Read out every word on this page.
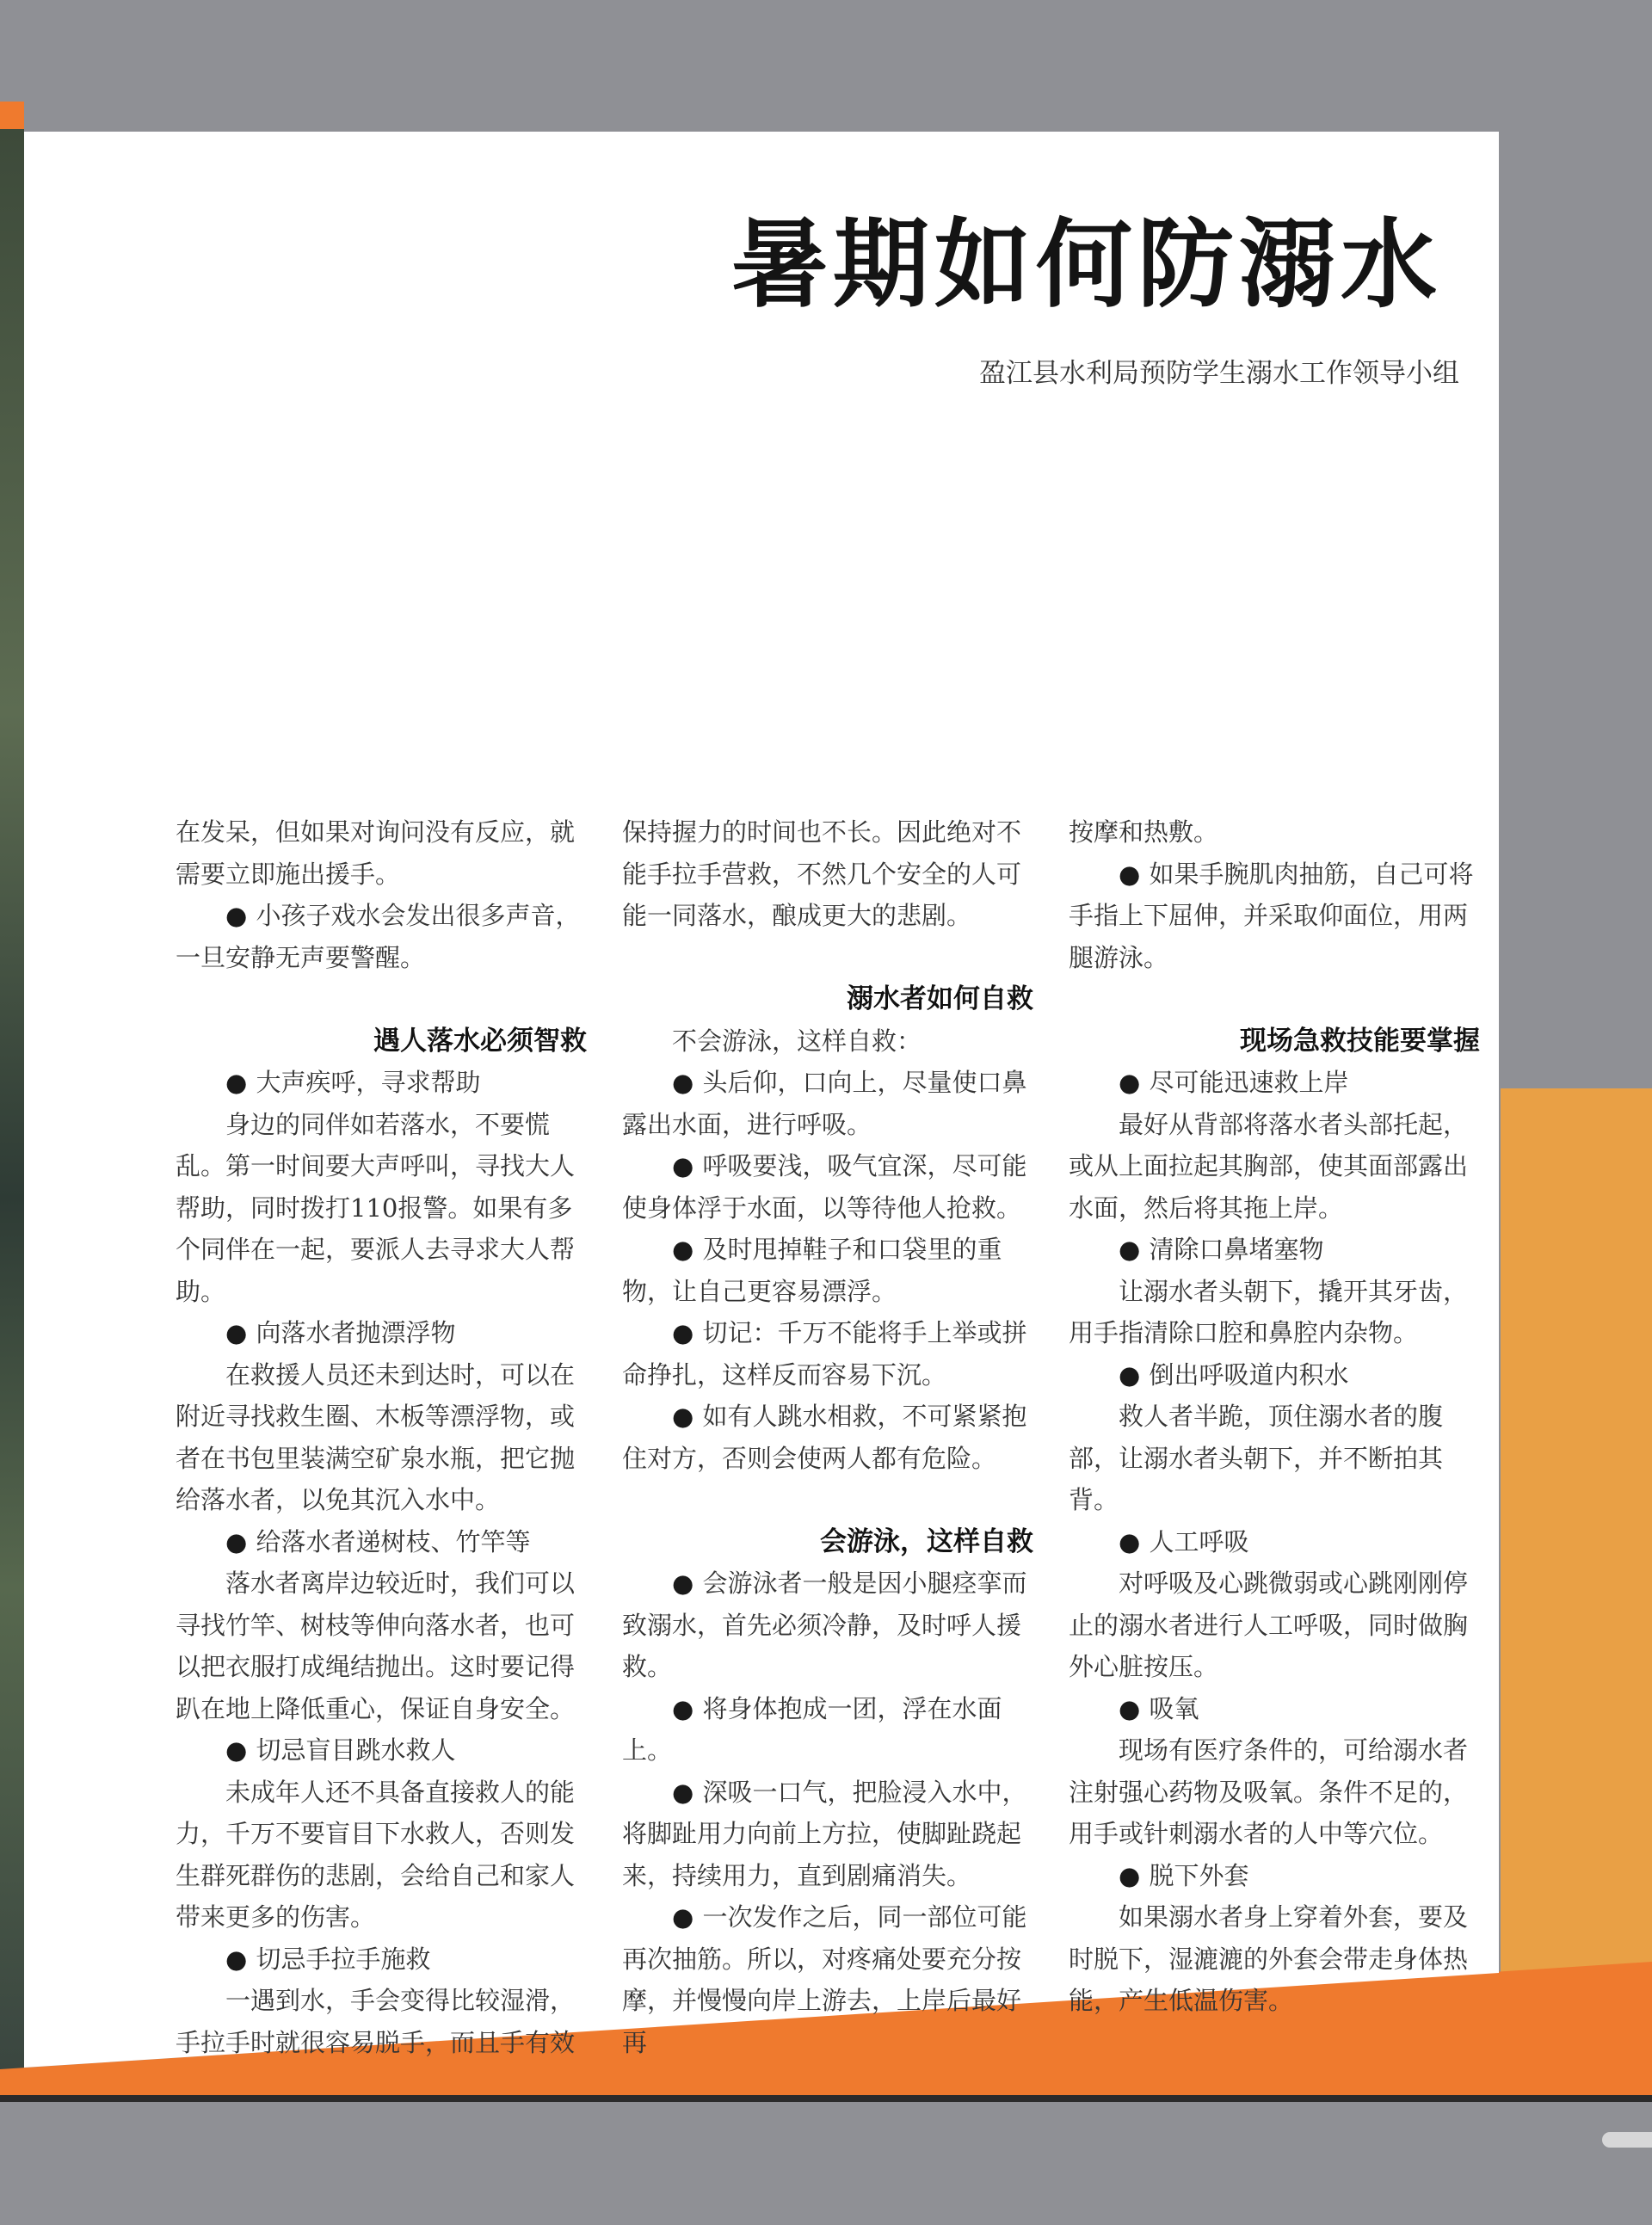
暑期如何防溺水

盈江县水利局预防学生溺水工作领导小组

在发呆，但如果对询问没有反应，就需要立即施出援手。

● 小孩子戏水会发出很多声音，一旦安静无声要警醒。

遇人落水必须智救

● 大声疾呼，寻求帮助

身边的同伴如若落水，不要慌乱。第一时间要大声呼叫，寻找大人帮助，同时拨打110报警。如果有多个同伴在一起，要派人去寻求大人帮助。

● 向落水者抛漂浮物

在救援人员还未到达时，可以在附近寻找救生圈、木板等漂浮物，或者在书包里装满空矿泉水瓶，把它抛给落水者，以免其沉入水中。

● 给落水者递树枝、竹竿等

落水者离岸边较近时，我们可以寻找竹竿、树枝等伸向落水者，也可以把衣服打成绳结抛出。这时要记得趴在地上降低重心，保证自身安全。

● 切忌盲目跳水救人

未成年人还不具备直接救人的能力，千万不要盲目下水救人，否则发生群死群伤的悲剧，会给自己和家人带来更多的伤害。

● 切忌手拉手施救

一遇到水，手会变得比较湿滑，手拉手时就很容易脱手，而且手有效

保持握力的时间也不长。因此绝对不能手拉手营救，不然几个安全的人可能一同落水，酿成更大的悲剧。

溺水者如何自救

不会游泳，这样自救：

● 头后仰，口向上，尽量使口鼻露出水面，进行呼吸。

● 呼吸要浅，吸气宜深，尽可能使身体浮于水面，以等待他人抢救。

● 及时甩掉鞋子和口袋里的重物，让自己更容易漂浮。

● 切记：千万不能将手上举或拼命挣扎，这样反而容易下沉。

● 如有人跳水相救，不可紧紧抱住对方，否则会使两人都有危险。

会游泳，这样自救

● 会游泳者一般是因小腿痉挛而致溺水，首先必须冷静，及时呼人援救。

● 将身体抱成一团，浮在水面上。

● 深吸一口气，把脸浸入水中，将脚趾用力向前上方拉，使脚趾跷起来，持续用力，直到剧痛消失。

● 一次发作之后，同一部位可能再次抽筋。所以，对疼痛处要充分按摩，并慢慢向岸上游去，上岸后最好再

按摩和热敷。

● 如果手腕肌肉抽筋，自己可将手指上下屈伸，并采取仰面位，用两腿游泳。

现场急救技能要掌握

● 尽可能迅速救上岸

最好从背部将落水者头部托起，或从上面拉起其胸部，使其面部露出水面，然后将其拖上岸。

● 清除口鼻堵塞物

让溺水者头朝下，撬开其牙齿，用手指清除口腔和鼻腔内杂物。

● 倒出呼吸道内积水

救人者半跪，顶住溺水者的腹部，让溺水者头朝下，并不断拍其背。

● 人工呼吸

对呼吸及心跳微弱或心跳刚刚停止的溺水者进行人工呼吸，同时做胸外心脏按压。

● 吸氧

现场有医疗条件的，可给溺水者注射强心药物及吸氧。条件不足的，用手或针刺溺水者的人中等穴位。

● 脱下外套

如果溺水者身上穿着外套，要及时脱下，湿漉漉的外套会带走身体热能，产生低温伤害。
